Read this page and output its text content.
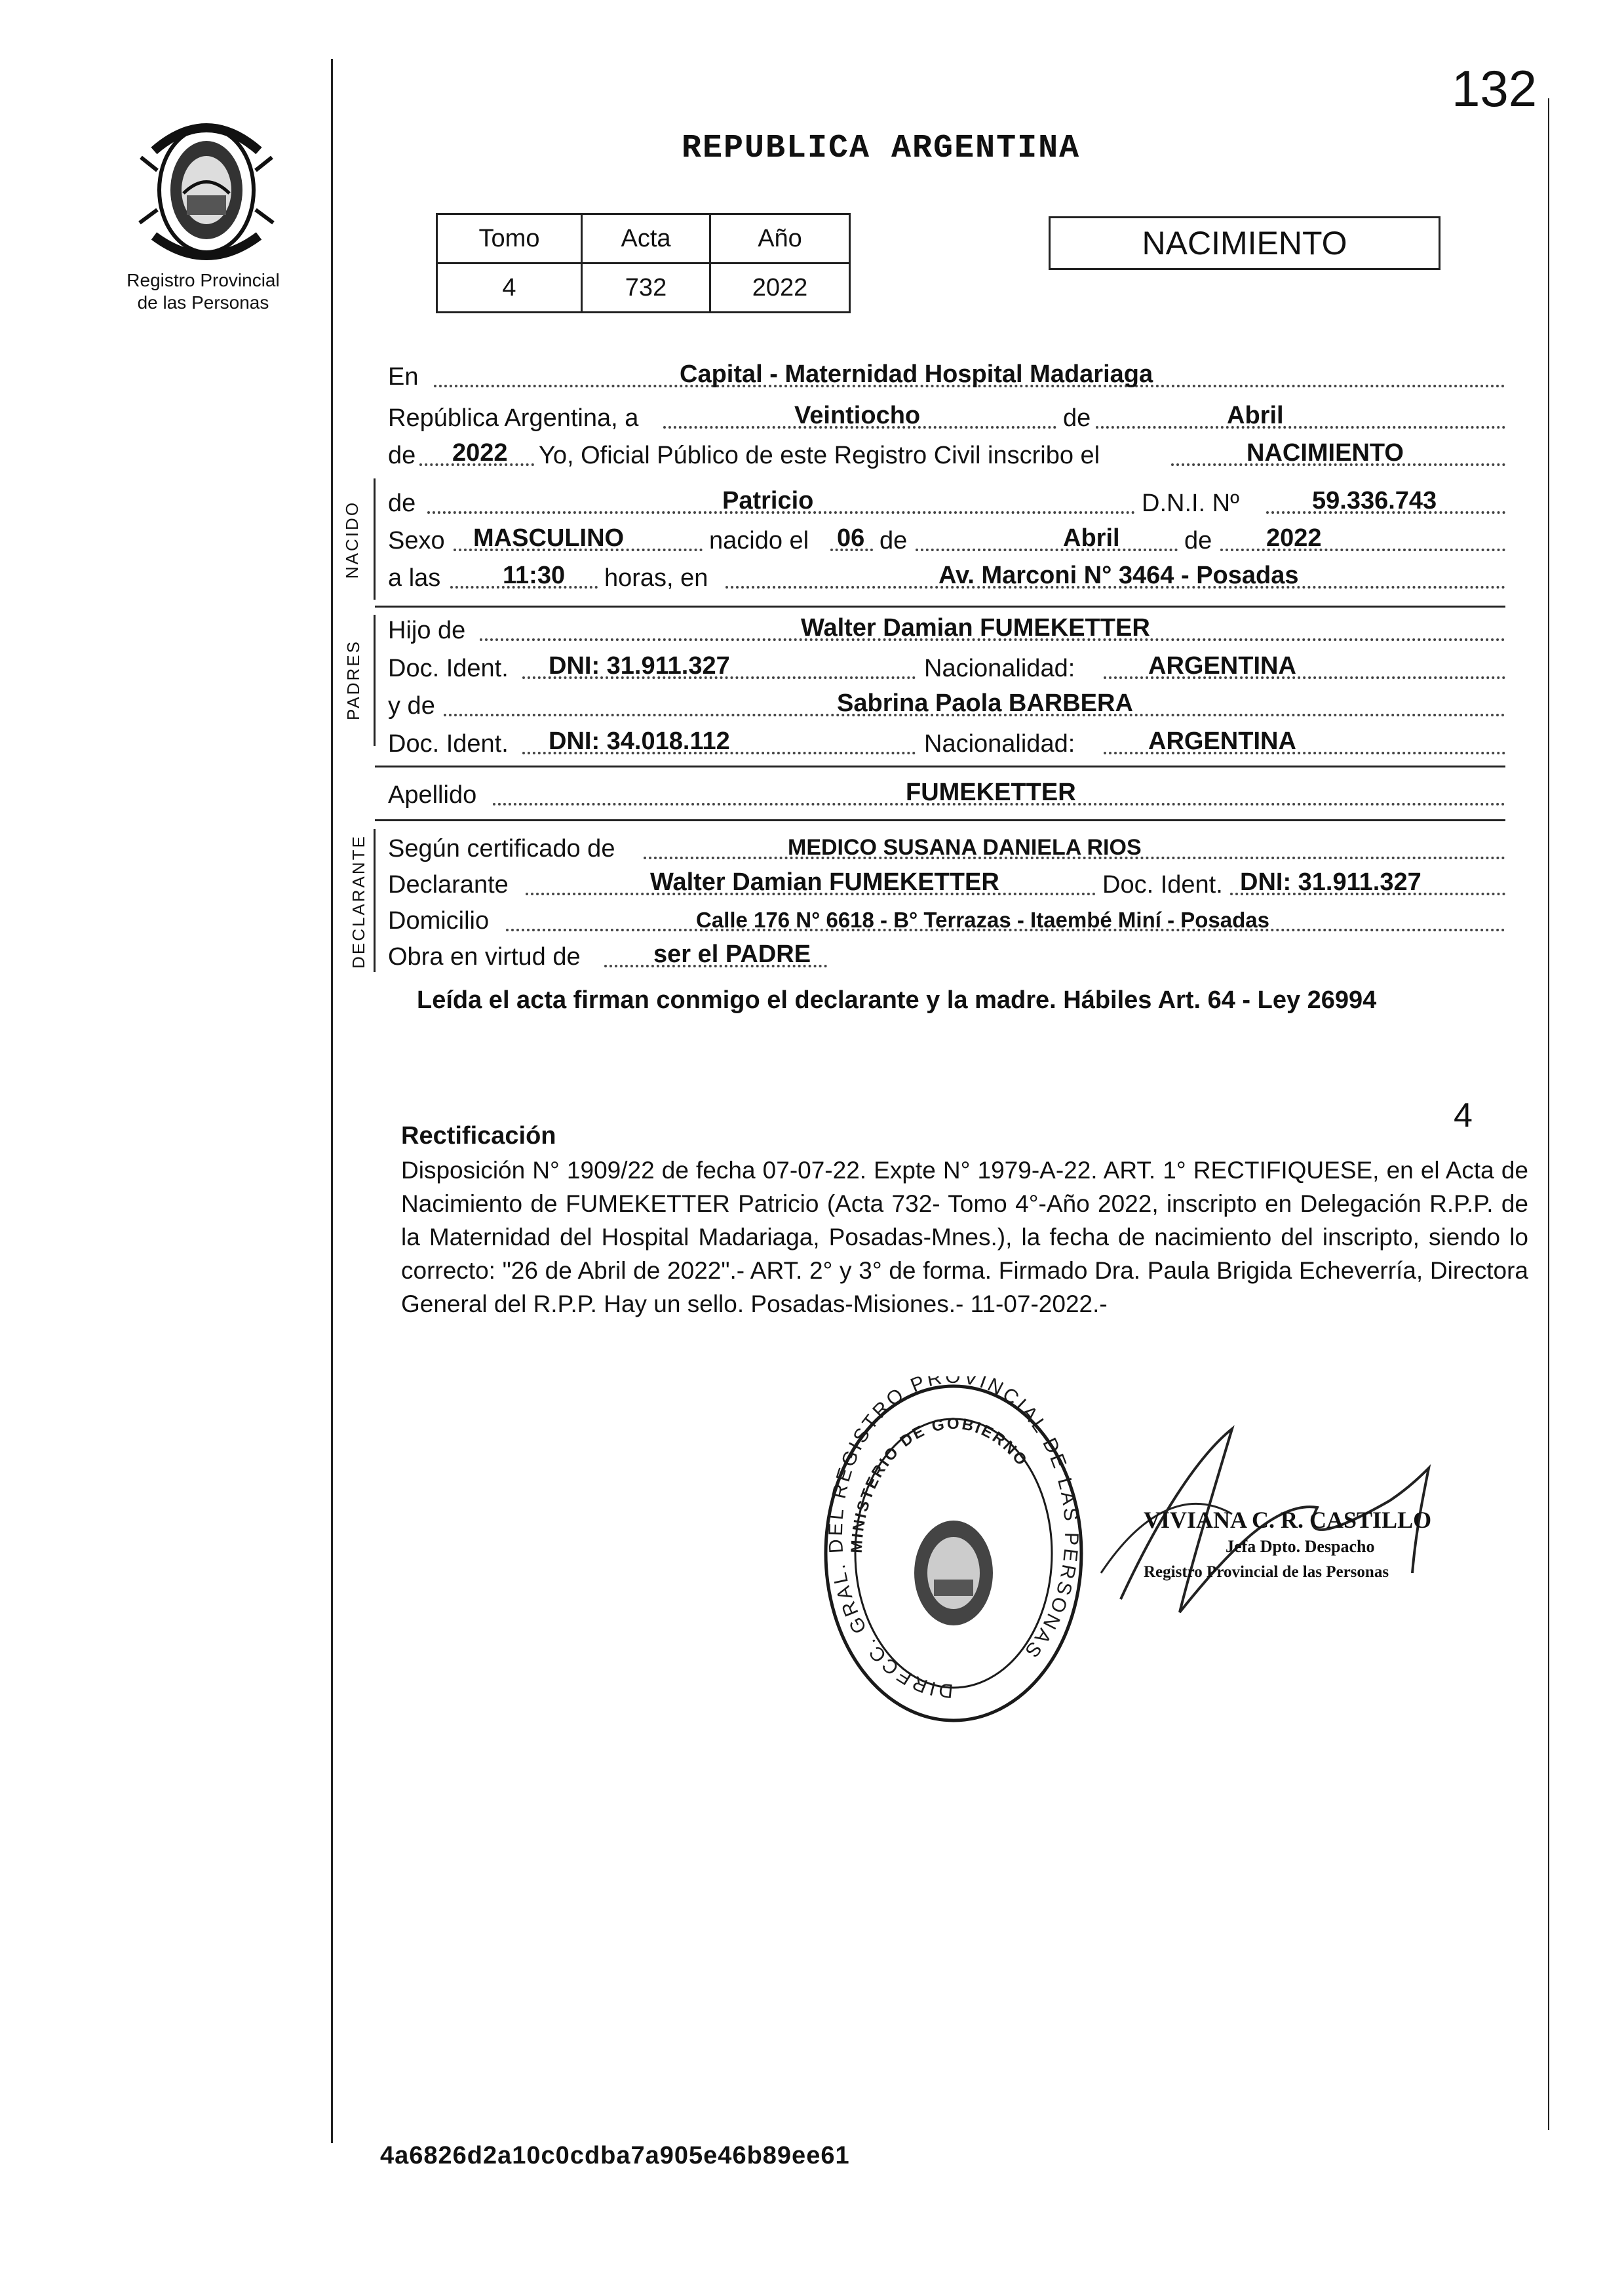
132
Registro Provincial
de las Personas
REPUBLICA ARGENTINA
Tomo	Acta	Año
4	732	2022
NACIMIENTO
En	Capital - Maternidad Hospital Madariaga
República Argentina, a	Veintiocho	de	Abril
de 2022 Yo, Oficial Público de este Registro Civil inscribo el	NACIMIENTO
NACIDO de	Patricio	D.N.I. Nº	59.336.743
Sexo MASCULINO	nacido el 06 de	Abril	de 2022
a las 11:30 horas, en	Av. Marconi N° 3464 - Posadas
PADRES
Hijo de	Walter Damian FUMEKETTER
Doc. Ident. DNI: 31.911.327	Nacionalidad:	ARGENTINA
y de	Sabrina Paola BARBERA
Doc. Ident. DNI: 34.018.112	Nacionalidad:	ARGENTINA
Apellido	FUMEKETTER
DECLARANTE Según certificado de	MEDICO SUSANA DANIELA RIOS
Declarante	Walter Damian FUMEKETTER	Doc. Ident. DNI: 31.911.327
Domicilio	Calle 176 N° 6618 - B° Terrazas - Itaembé Miní - Posadas
Obra en virtud de	ser el PADRE
Leída el acta firman conmigo el declarante y la madre. Hábiles Art. 64 - Ley 26994
4
Rectificación
Disposición N° 1909/22 de fecha 07-07-22. Expte N° 1979-A-22. ART. 1° RECTIFIQUESE, en el Acta de Nacimiento de FUMEKETTER Patricio (Acta 732- Tomo 4°-Año 2022, inscripto en Delegación R.P.P. de la Maternidad del Hospital Madariaga, Posadas-Mnes.), la fecha de nacimiento del inscripto, siendo lo correcto: "26 de Abril de 2022".- ART. 2° y 3° de forma. Firmado Dra. Paula Brigida Echeverría, Directora General del R.P.P. Hay un sello. Posadas-Misiones.- 11-07-2022.-
DIRECC. GRAL. DEL REGISTRO PROVINCIAL DE LAS PERSONAS
MINISTERIO DE GOBIERNO
VIVIANA C. R. CASTILLO
Jefa Dpto. Despacho
Registro Provincial de las Personas
4a6826d2a10c0cdba7a905e46b89ee61
